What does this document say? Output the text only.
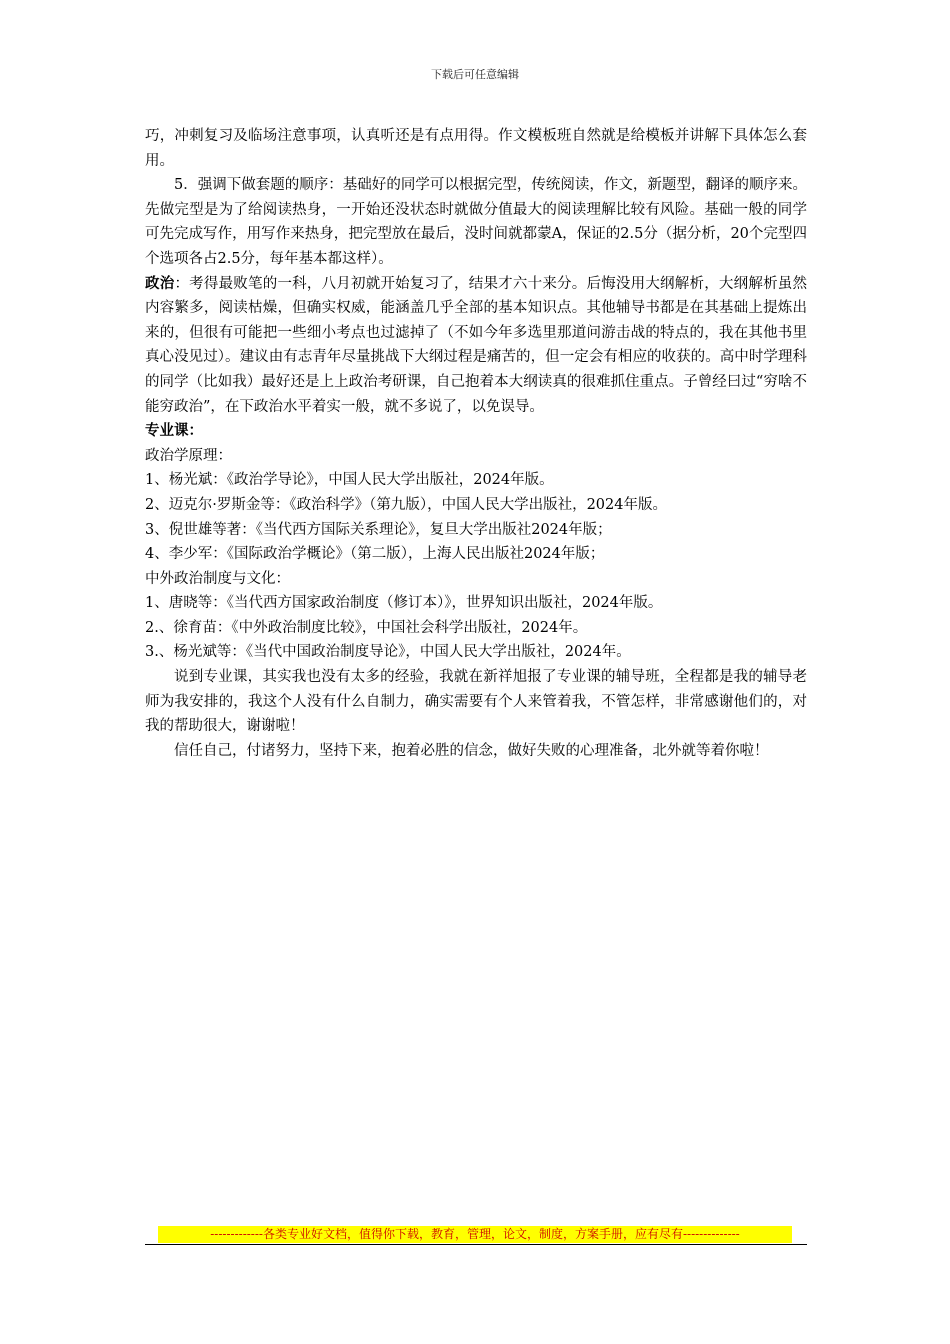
下载后可任意编辑

巧，冲刺复习及临场注意事项，认真听还是有点用得。作文模板班自然就是给模板并讲解下具体怎么套用。

5．强调下做套题的顺序：基础好的同学可以根据完型，传统阅读，作文，新题型，翻译的顺序来。先做完型是为了给阅读热身，一开始还没状态时就做分值最大的阅读理解比较有风险。基础一般的同学可先完成写作，用写作来热身，把完型放在最后，没时间就都蒙A，保证的2.5分（据分析，20个完型四个选项各占2.5分，每年基本都这样）。

政治：考得最败笔的一科，八月初就开始复习了，结果才六十来分。后悔没用大纲解析，大纲解析虽然内容繁多，阅读枯燥，但确实权威，能涵盖几乎全部的基本知识点。其他辅导书都是在其基础上提炼出来的，但很有可能把一些细小考点也过滤掉了（不如今年多选里那道问游击战的特点的，我在其他书里真心没见过）。建议由有志青年尽量挑战下大纲过程是痛苦的，但一定会有相应的收获的。高中时学理科的同学（比如我）最好还是上上政治考研课，自己抱着本大纲读真的很难抓住重点。子曾经曰过“穷啥不能穷政治”，在下政治水平着实一般，就不多说了，以免误导。

专业课：

政治学原理：

1、杨光斌：《政治学导论》，中国人民大学出版社，2024年版。

2、迈克尔·罗斯金等：《政治科学》（第九版），中国人民大学出版社，2024年版。

3、倪世雄等著：《当代西方国际关系理论》，复旦大学出版社2024年版；

4、李少军：《国际政治学概论》（第二版），上海人民出版社2024年版；

中外政治制度与文化：

1、唐晓等：《当代西方国家政治制度（修订本）》，世界知识出版社，2024年版。

2.、徐育苗：《中外政治制度比较》，中国社会科学出版社，2024年。

3.、杨光斌等：《当代中国政治制度导论》，中国人民大学出版社，2024年。

说到专业课，其实我也没有太多的经验，我就在新祥旭报了专业课的辅导班，全程都是我的辅导老师为我安排的，我这个人没有什么自制力，确实需要有个人来管着我，不管怎样，非常感谢他们的，对我的帮助很大，谢谢啦！

信任自己，付诸努力，坚持下来，抱着必胜的信念，做好失败的心理准备，北外就等着你啦！

-------------各类专业好文档，值得你下载，教育，管理，论文，制度，方案手册，应有尽有--------------
